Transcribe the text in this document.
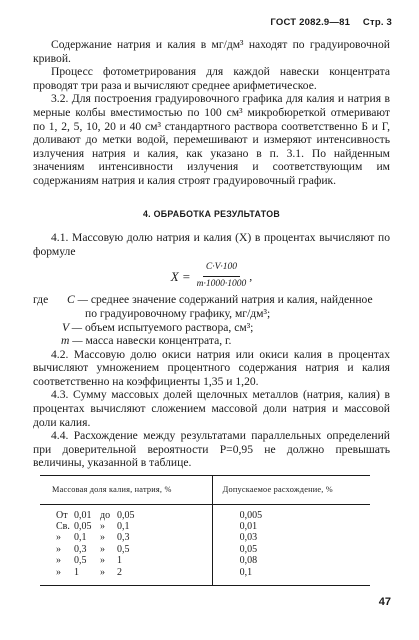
ГОСТ 2082.9—81 Стр. 3

Содержание натрия и калия в мг/дм³ находят по градуировочной кривой.

Процесс фотометрирования для каждой навески концентрата проводят три раза и вычисляют среднее арифметическое.

3.2. Для построения градуировочного графика для калия и натрия в мерные колбы вместимостью по 100 см³ микробюреткой отмеривают по 1, 2, 5, 10, 20 и 40 см³ стандартного раствора соответственно Б и Г, доливают до метки водой, перемешивают и измеряют интенсивность излучения натрия и калия, как указано в п. 3.1. По найденным значениям интенсивности излучения и соответствующим им содержаниям натрия и калия строят градуировочный график.

4. ОБРАБОТКА РЕЗУЛЬТАТОВ

4.1. Массовую долю натрия и калия (X) в процентах вычисляют по формуле

$X = \frac{C\cdot V\cdot 100}{m\cdot 1000\cdot 1000}$ ,
где	C —
среднее значение содержаний натрия и калия, найденное
по градуировочному графику, мг/дм³;
V —
объем испытуемого раствора, см³;
m —
масса навески концентрата, г.

4.2. Массовую долю окиси натрия или окиси калия в процентах вычисляют умножением процентного содержания натрия и калия соответственно на коэффициенты 1,35 и 1,20.

4.3. Сумму массовых долей щелочных металлов (натрия, калия) в процентах вычисляют сложением массовой доли натрия и массовой доли калия.

4.4. Расхождение между результатами параллельных определений при доверительной вероятности P=0,95 не должно превышать величины, указанной в таблице.

Массовая доля калия, натрия, %	Допускаемое расхождение, %
От 0,01 до 0,05	0,005
Св. 0,05 » 0,1	0,01
» 0,1 » 0,3	0,03
» 0,3 » 0,5	0,05
» 0,5 » 1	0,08
» 1 » 2	0,1
47
